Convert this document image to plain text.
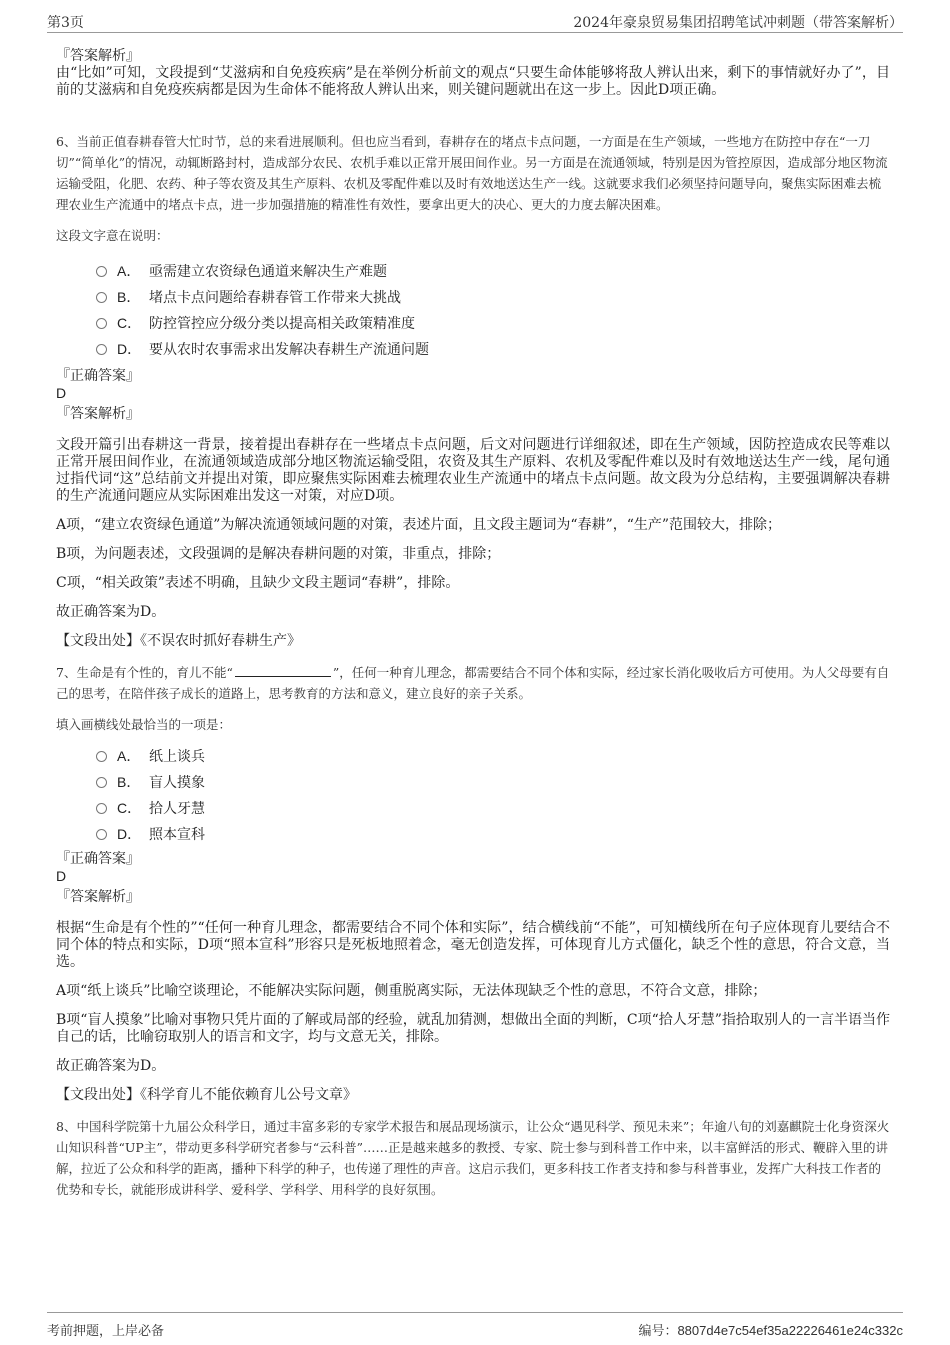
第3页	2024年豪泉贸易集团招聘笔试冲刺题（带答案解析）
『答案解析』
由“比如”可知，文段提到“艾滋病和自免疫疾病”是在举例分析前文的观点“只要生命体能够将敌人辨认出来，剩下的事情就好办了”，目前的艾滋病和自免疫疾病都是因为生命体不能将敌人辨认出来，则关键问题就出在这一步上。因此D项正确。
6、当前正值春耕春管大忙时节，总的来看进展顺利。但也应当看到，春耕存在的堵点卡点问题，一方面是在生产领域，一些地方在防控中存在“一刀切”“简单化”的情况，动辄断路封村，造成部分农民、农机手难以正常开展田间作业。另一方面是在流通领域，特别是因为管控原因，造成部分地区物流运输受阻，化肥、农药、种子等农资及其生产原料、农机及零配件难以及时有效地送达生产一线。这就要求我们必须坚持问题导向，聚焦实际困难去梳理农业生产流通中的堵点卡点，进一步加强措施的精准性有效性，要拿出更大的决心、更大的力度去解决困难。
这段文字意在说明：
A． 亟需建立农资绿色通道来解决生产难题
B． 堵点卡点问题给春耕春管工作带来大挑战
C． 防控管控应分级分类以提高相关政策精准度
D． 要从农时农事需求出发解决春耕生产流通问题
『正确答案』
D
『答案解析』
文段开篇引出春耕这一背景，接着提出春耕存在一些堵点卡点问题，后文对问题进行详细叙述，即在生产领域，因防控造成农民等难以正常开展田间作业，在流通领域造成部分地区物流运输受阻，农资及其生产原料、农机及零配件难以及时有效地送达生产一线，尾句通过指代词“这”总结前文并提出对策，即应聚焦实际困难去梳理农业生产流通中的堵点卡点问题。故文段为分总结构，主要强调解决春耕的生产流通问题应从实际困难出发这一对策，对应D项。
A项，“建立农资绿色通道”为解决流通领域问题的对策，表述片面，且文段主题词为“春耕”，“生产”范围较大，排除；
B项，为问题表述，文段强调的是解决春耕问题的对策，非重点，排除；
C项，“相关政策”表述不明确，且缺少文段主题词“春耕”，排除。
故正确答案为D。
【文段出处】《不误农时抓好春耕生产》
7、生命是有个性的，育儿不能“	”，任何一种育儿理念，都需要结合不同个体和实际，经过家长消化吸收后方可使用。为人父母要有自己的思考，在陪伴孩子成长的道路上，思考教育的方法和意义，建立良好的亲子关系。
填入画横线处最恰当的一项是：
A． 纸上谈兵
B． 盲人摸象
C． 拾人牙慧
D． 照本宣科
『正确答案』
D
『答案解析』
根据“生命是有个性的”“任何一种育儿理念，都需要结合不同个体和实际”，结合横线前“不能”，可知横线所在句子应体现育儿要结合不同个体的特点和实际，D项“照本宣科”形容只是死板地照着念，毫无创造发挥，可体现育儿方式僵化，缺乏个性的意思，符合文意，当选。
A项“纸上谈兵”比喻空谈理论，不能解决实际问题，侧重脱离实际，无法体现缺乏个性的意思，不符合文意，排除；
B项“盲人摸象”比喻对事物只凭片面的了解或局部的经验，就乱加猜测，想做出全面的判断，C项“拾人牙慧”指拾取别人的一言半语当作自己的话，比喻窃取别人的语言和文字，均与文意无关，排除。
故正确答案为D。
【文段出处】《科学育儿不能依赖育儿公号文章》
8、中国科学院第十九届公众科学日，通过丰富多彩的专家学术报告和展品现场演示，让公众“遇见科学、预见未来”；年逾八旬的刘嘉麒院士化身资深火山知识科普“UP主”，带动更多科学研究者参与“云科普”……正是越来越多的教授、专家、院士参与到科普工作中来，以丰富鲜活的形式、鞭辟入里的讲解，拉近了公众和科学的距离，播种下科学的种子，也传递了理性的声音。这启示我们，更多科技工作者支持和参与科普事业，发挥广大科技工作者的优势和专长，就能形成讲科学、爱科学、学科学、用科学的良好氛围。
考前押题，上岸必备	编号：8807d4e7c54ef35a22226461e24c332c
